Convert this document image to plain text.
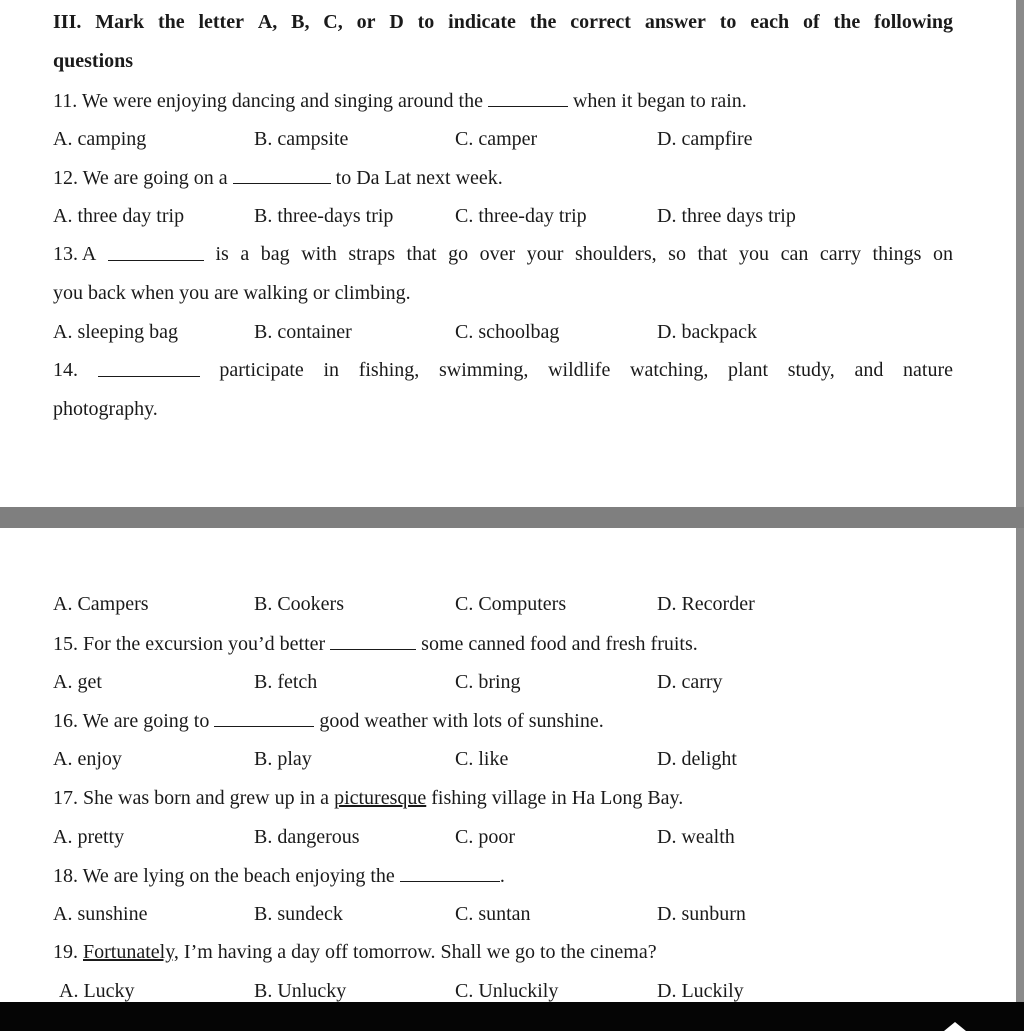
III. Mark the letter A, B, C, or D to indicate the correct answer to each of the following
questions
11. We were enjoying dancing and singing around the	when it began to rain.
A. camping	B. campsite	C. camper	D. campfire
12. We are going on a	to Da Lat next week.
A. three day trip	B. three-days trip	C. three-day trip	D. three days trip
13. A	is a bag with straps that go over your shoulders, so that you can carry things on
you back when you are walking or climbing.
A. sleeping bag	B. container	C. schoolbag	D. backpack
14.	participate in fishing, swimming, wildlife watching, plant study, and nature
photography.
A. Campers	B. Cookers	C. Computers	D. Recorder
15. For the excursion you’d better	some canned food and fresh fruits.
A. get	B. fetch	C. bring	D. carry
16. We are going to	good weather with lots of sunshine.
A. enjoy	B. play	C. like	D. delight
17. She was born and grew up in a picturesque fishing village in Ha Long Bay.
A. pretty	B. dangerous	C. poor	D. wealth
18. We are lying on the beach enjoying the	.
A. sunshine	B. sundeck	C. suntan	D. sunburn
19. Fortunately, I’m having a day off tomorrow. Shall we go to the cinema?
A. Lucky	B. Unlucky	C. Unluckily	D. Luckily
